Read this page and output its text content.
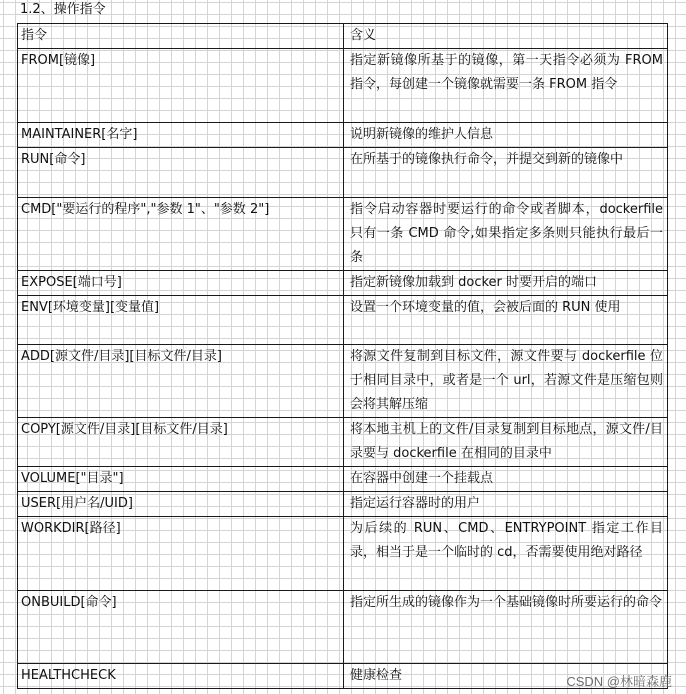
1.2、操作指令
指令	含义
FROM[镜像]	指定新镜像所基于的镜像，第一天指令必须为 FROM 指令，每创建一个镜像就需要一条 FROM 指令
MAINTAINER[名字]	说明新镜像的维护人信息
RUN[命令]	在所基于的镜像执行命令，并提交到新的镜像中
CMD["要运行的程序","参数 1"、"参数 2"]	指令启动容器时要运行的命令或者脚本，dockerfile 只有一条 CMD 命令,如果指定多条则只能执行最后一条
EXPOSE[端口号]	指定新镜像加载到 docker 时要开启的端口
ENV[环境变量][变量值]	设置一个环境变量的值，会被后面的 RUN 使用
ADD[源文件/目录][目标文件/目录]	将源文件复制到目标文件，源文件要与 dockerfile 位于相同目录中，或者是一个 url，若源文件是压缩包则会将其解压缩
COPY[源文件/目录][目标文件/目录]	将本地主机上的文件/目录复制到目标地点，源文件/目录要与 dockerfile 在相同的目录中
VOLUME["目录"]	在容器中创建一个挂载点
USER[用户名/UID]	指定运行容器时的用户
WORKDIR[路径]	为后续的 RUN、CMD、ENTRYPOINT 指定工作目录，相当于是一个临时的 cd，否需要使用绝对路径
ONBUILD[命令]	指定所生成的镜像作为一个基础镜像时所要运行的命令
HEALTHCHECK	健康检查	CSDN @林暗森鹿
